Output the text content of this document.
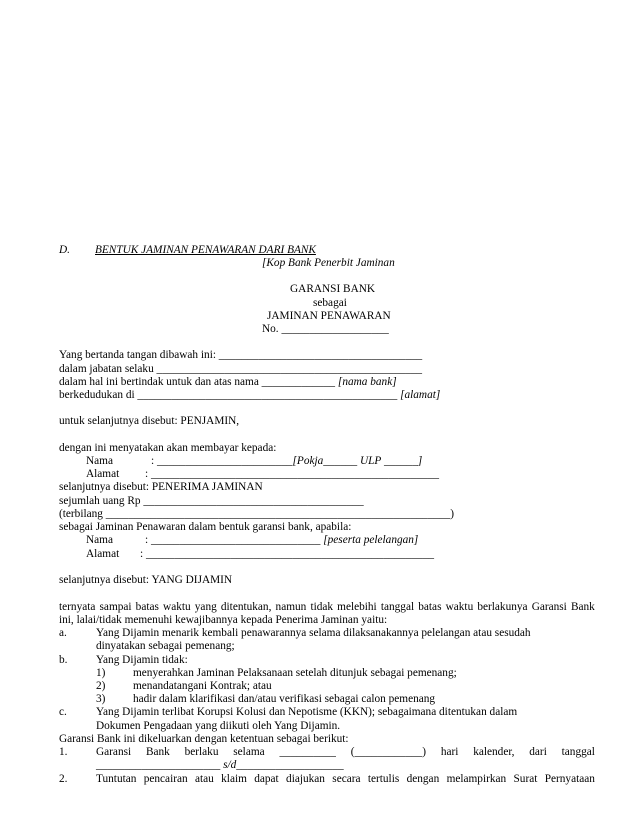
D. BENTUK JAMINAN PENAWARAN DARI BANK
[Kop Bank Penerbit Jaminan
GARANSI BANK
sebagai
JAMINAN PENAWARAN
No. ___________________
Yang bertanda tangan dibawah ini: ____________________________________
dalam jabatan selaku _______________________________________________
dalam hal ini bertindak untuk dan atas nama _____________ [nama bank]
berkedudukan di ______________________________________________ [alamat]
untuk selanjutnya disebut: PENJAMIN,
dengan ini menyatakan akan membayar kepada:
Nama	: ________________________[Pokja______ ULP ______]
Alamat : ___________________________________________________
selanjutnya disebut: PENERIMA JAMINAN
sejumlah uang Rp _______________________________________
(terbilang _____________________________________________________________)
sebagai Jaminan Penawaran dalam bentuk garansi bank, apabila:
Nama	: ______________________________ [peserta pelelangan]
Alamat : ___________________________________________________
selanjutnya disebut: YANG DIJAMIN
ternyata sampai batas waktu yang ditentukan, namun tidak melebihi tanggal batas waktu berlakunya Garansi Bank
ini, lalai/tidak memenuhi kewajibannya kepada Penerima Jaminan yaitu:
a.	Yang Dijamin menarik kembali penawarannya selama dilaksanakannya pelelangan atau sesudah
dinyatakan sebagai pemenang;
b.	Yang Dijamin tidak:
1) menyerahkan Jaminan Pelaksanaan setelah ditunjuk sebagai pemenang;
2) menandatangani Kontrak; atau
3) hadir dalam klarifikasi dan/atau verifikasi sebagai calon pemenang
c.	Yang Dijamin terlibat Korupsi Kolusi dan Nepotisme (KKN); sebagaimana ditentukan dalam
Dokumen Pengadaan yang diikuti oleh Yang Dijamin.
Garansi Bank ini dikeluarkan dengan ketentuan sebagai berikut:
1.	Garansi Bank berlaku selama __________ (____________) hari kalender, dari tanggal
______________________ s/d___________________
2.	Tuntutan pencairan atau klaim dapat diajukan secara tertulis dengan melampirkan Surat Pernyataan
